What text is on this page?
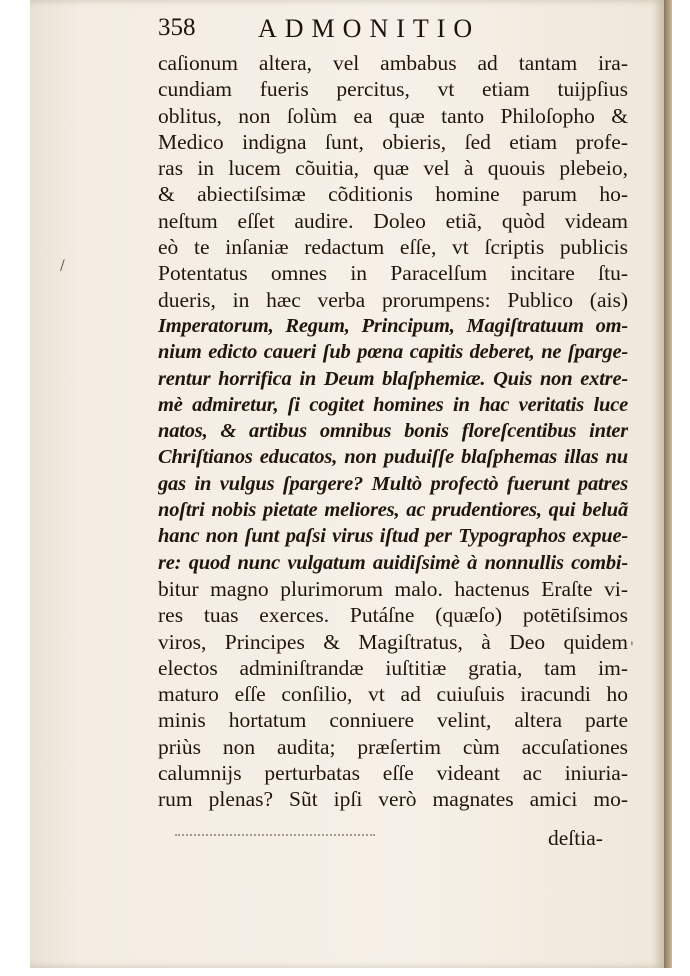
358 ADMONITIO
caſionum altera, vel ambabus ad tantam ira-
cundiam fueris percitus, vt etiam tuijpſius
oblitus, non ſolùm ea quæ tanto Philoſopho &
Medico indigna ſunt, obieris, ſed etiam profe-
ras in lucem cõuitia, quæ vel à quouis plebeio,
& abiectiſsimæ cõditionis homine parum ho-
neſtum eſſet audire. Doleo etiã, quòd videam
eò te inſaniæ redactum eſſe, vt ſcriptis publicis
Potentatus omnes in Paracelſum incitare ſtu-
dueris, in hæc verba prorumpens: Publico (ais)
Imperatorum, Regum, Principum, Magiſtratuum om-
nium edicto caueri ſub pœna capitis deberet, ne ſparge-
rentur horrifica in Deum blaſphemiæ. Quis non extre-
mè admiretur, ſi cogitet homines in hac veritatis luce
natos, & artibus omnibus bonis floreſcentibus inter
Chriſtianos educatos, non puduiſſe blaſphemas illas nu
gas in vulgus ſpargere? Multò profectò fuerunt patres
noſtri nobis pietate meliores, ac prudentiores, qui beluã
hanc non ſunt paſsi virus iſtud per Typographos expue-
re: quod nunc vulgatum auidiſsimè à nonnullis combi-
bitur magno plurimorum malo. hactenus Eraſte vi-
res tuas exerces. Putáſne (quæſo) potētiſsimos
viros, Principes & Magiſtratus, à Deo quidem
electos adminiſtrandæ iuſtitiæ gratia, tam im-
maturo eſſe conſilio, vt ad cuiuſuis iracundi ho
minis hortatum conniuere velint, altera parte
priùs non audita; præſertim cùm accuſationes
calumnijs perturbatas eſſe videant ac iniuria-
rum plenas? Sũt ipſi verò magnates amici mo-
/
'
deſtia-
